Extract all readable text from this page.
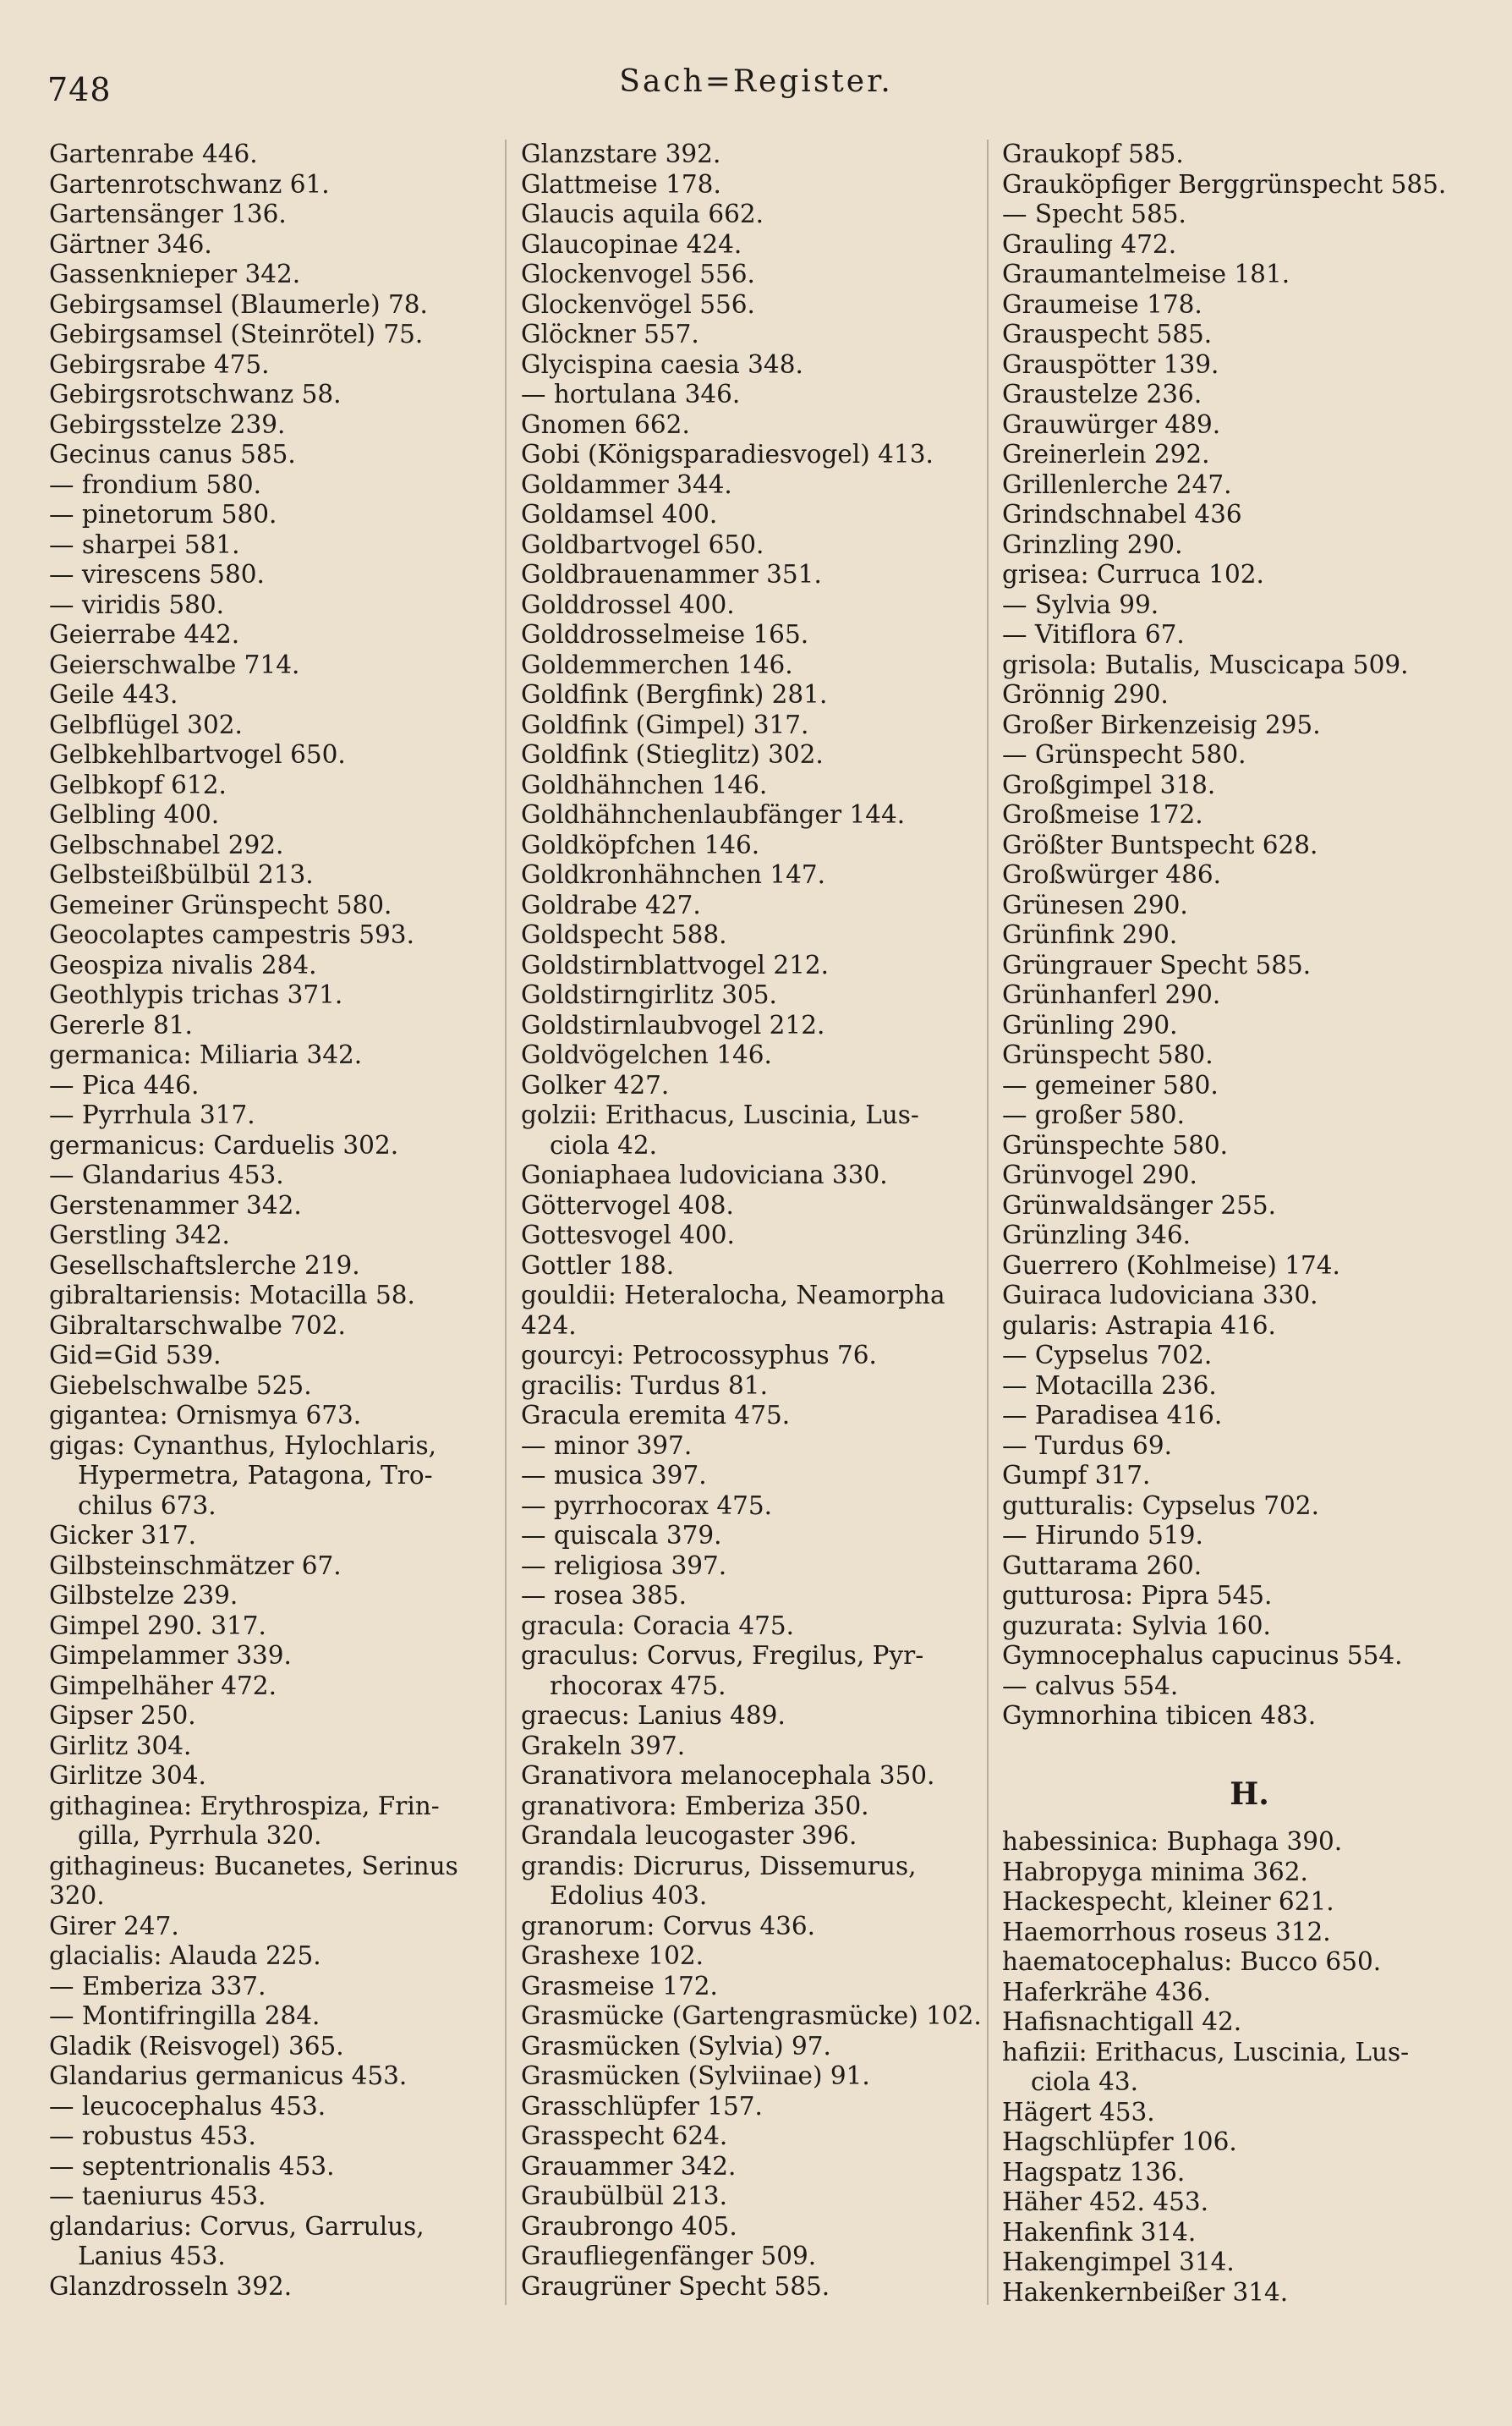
748	Sach=Register.
Gartenrabe 446.
Gartenrotschwanz 61.
Gartensänger 136.
Gärtner 346.
Gassenknieper 342.
Gebirgsamsel (Blaumerle) 78.
Gebirgsamsel (Steinrötel) 75.
Gebirgsrabe 475.
Gebirgsrotschwanz 58.
Gebirgsstelze 239.
Gecinus canus 585.
— frondium 580.
— pinetorum 580.
— sharpei 581.
— virescens 580.
— viridis 580.
Geierrabe 442.
Geierschwalbe 714.
Geile 443.
Gelbflügel 302.
Gelbkehlbartvogel 650.
Gelbkopf 612.
Gelbling 400.
Gelbschnabel 292.
Gelbsteißbülbül 213.
Gemeiner Grünspecht 580.
Geocolaptes campestris 593.
Geospiza nivalis 284.
Geothlypis trichas 371.
Gererle 81.
germanica: Miliaria 342.
— Pica 446.
— Pyrrhula 317.
germanicus: Carduelis 302.
— Glandarius 453.
Gerstenammer 342.
Gerstling 342.
Gesellschaftslerche 219.
gibraltariensis: Motacilla 58.
Gibraltarschwalbe 702.
Gid=Gid 539.
Giebelschwalbe 525.
gigantea: Ornismya 673.
gigas: Cynanthus, Hylochlaris,
Hypermetra, Patagona, Tro-
chilus 673.
Gicker 317.
Gilbsteinschmätzer 67.
Gilbstelze 239.
Gimpel 290. 317.
Gimpelammer 339.
Gimpelhäher 472.
Gipser 250.
Girlitz 304.
Girlitze 304.
githaginea: Erythrospiza, Frin-
gilla, Pyrrhula 320.
githagineus: Bucanetes, Serinus
320.
Girer 247.
glacialis: Alauda 225.
— Emberiza 337.
— Montifringilla 284.
Gladik (Reisvogel) 365.
Glandarius germanicus 453.
— leucocephalus 453.
— robustus 453.
— septentrionalis 453.
— taeniurus 453.
glandarius: Corvus, Garrulus,
Lanius 453.
Glanzdrosseln 392.
Glanzstare 392.
Glattmeise 178.
Glaucis aquila 662.
Glaucopinae 424.
Glockenvogel 556.
Glockenvögel 556.
Glöckner 557.
Glycispina caesia 348.
— hortulana 346.
Gnomen 662.
Gobi (Königsparadiesvogel) 413.
Goldammer 344.
Goldamsel 400.
Goldbartvogel 650.
Goldbrauenammer 351.
Golddrossel 400.
Golddrosselmeise 165.
Goldemmerchen 146.
Goldfink (Bergfink) 281.
Goldfink (Gimpel) 317.
Goldfink (Stieglitz) 302.
Goldhähnchen 146.
Goldhähnchenlaubfänger 144.
Goldköpfchen 146.
Goldkronhähnchen 147.
Goldrabe 427.
Goldspecht 588.
Goldstirnblattvogel 212.
Goldstirngirlitz 305.
Goldstirnlaubvogel 212.
Goldvögelchen 146.
Golker 427.
golzii: Erithacus, Luscinia, Lus-
ciola 42.
Goniaphaea ludoviciana 330.
Göttervogel 408.
Gottesvogel 400.
Gottler 188.
gouldii: Heteralocha, Neamorpha
424.
gourcyi: Petrocossyphus 76.
gracilis: Turdus 81.
Gracula eremita 475.
— minor 397.
— musica 397.
— pyrrhocorax 475.
— quiscala 379.
— religiosa 397.
— rosea 385.
gracula: Coracia 475.
graculus: Corvus, Fregilus, Pyr-
rhocorax 475.
graecus: Lanius 489.
Grakeln 397.
Granativora melanocephala 350.
granativora: Emberiza 350.
Grandala leucogaster 396.
grandis: Dicrurus, Dissemurus,
Edolius 403.
granorum: Corvus 436.
Grashexe 102.
Grasmeise 172.
Grasmücke (Gartengrasmücke) 102.
Grasmücken (Sylvia) 97.
Grasmücken (Sylviinae) 91.
Grasschlüpfer 157.
Grasspecht 624.
Grauammer 342.
Graubülbül 213.
Graubrongo 405.
Graufliegenfänger 509.
Graugrüner Specht 585.
Graukopf 585.
Grauköpfiger Berggrünspecht 585.
— Specht 585.
Grauling 472.
Graumantelmeise 181.
Graumeise 178.
Grauspecht 585.
Grauspötter 139.
Graustelze 236.
Grauwürger 489.
Greinerlein 292.
Grillenlerche 247.
Grindschnabel 436
Grinzling 290.
grisea: Curruca 102.
— Sylvia 99.
— Vitiflora 67.
grisola: Butalis, Muscicapa 509.
Grönnig 290.
Großer Birkenzeisig 295.
— Grünspecht 580.
Großgimpel 318.
Großmeise 172.
Größter Buntspecht 628.
Großwürger 486.
Grünesen 290.
Grünfink 290.
Grüngrauer Specht 585.
Grünhanferl 290.
Grünling 290.
Grünspecht 580.
— gemeiner 580.
— großer 580.
Grünspechte 580.
Grünvogel 290.
Grünwaldsänger 255.
Grünzling 346.
Guerrero (Kohlmeise) 174.
Guiraca ludoviciana 330.
gularis: Astrapia 416.
— Cypselus 702.
— Motacilla 236.
— Paradisea 416.
— Turdus 69.
Gumpf 317.
gutturalis: Cypselus 702.
— Hirundo 519.
Guttarama 260.
gutturosa: Pipra 545.
guzurata: Sylvia 160.
Gymnocephalus capucinus 554.
— calvus 554.
Gymnorhina tibicen 483.
H.
habessinica: Buphaga 390.
Habropyga minima 362.
Hackespecht, kleiner 621.
Haemorrhous roseus 312.
haematocephalus: Bucco 650.
Haferkrähe 436.
Hafisnachtigall 42.
hafizii: Erithacus, Luscinia, Lus-
ciola 43.
Hägert 453.
Hagschlüpfer 106.
Hagspatz 136.
Häher 452. 453.
Hakenfink 314.
Hakengimpel 314.
Hakenkernbeißer 314.
